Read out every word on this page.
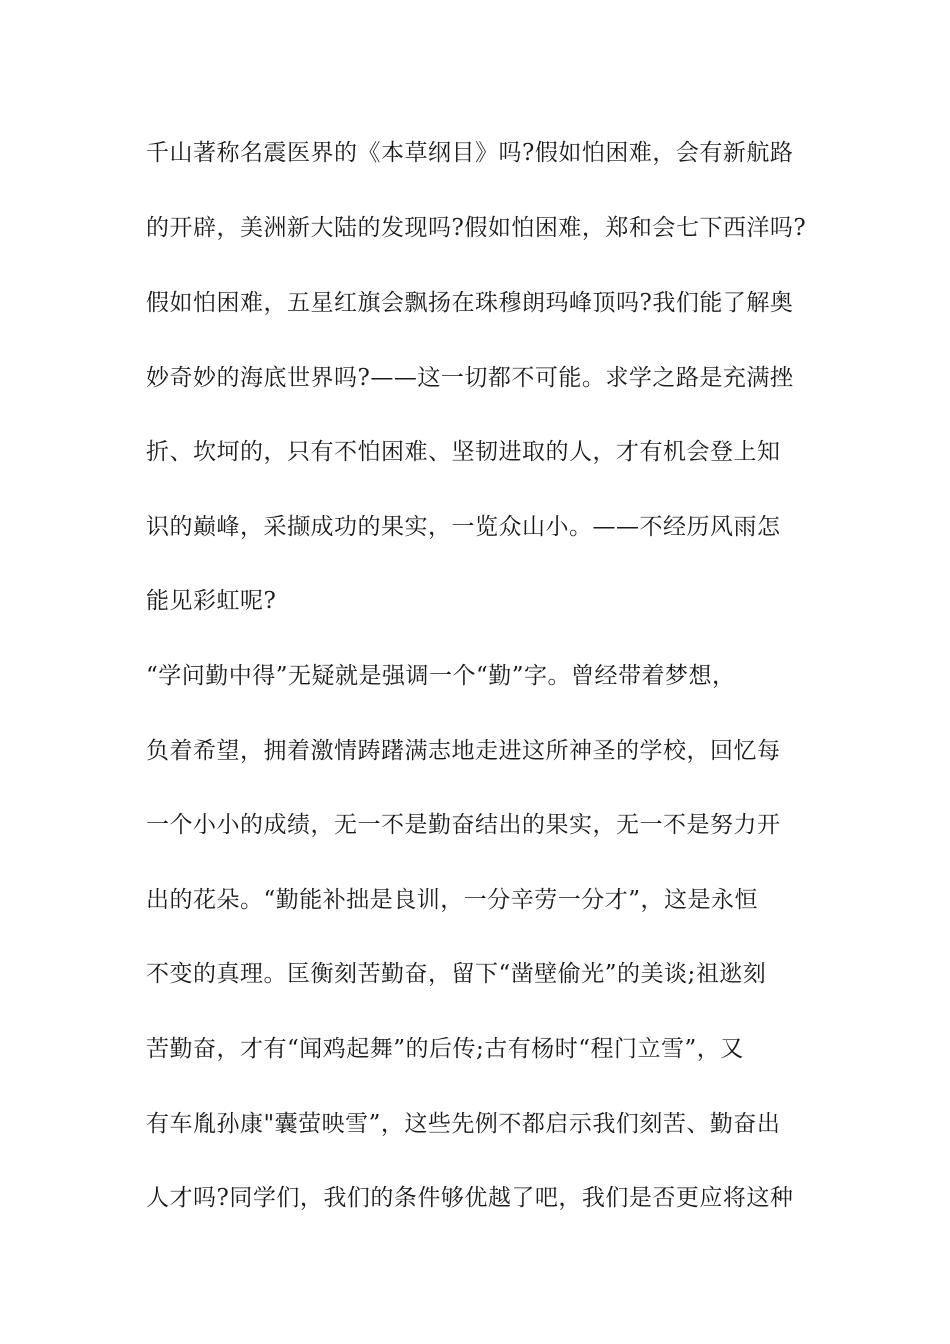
千山著称名震医界的《本草纲目》吗?假如怕困难，会有新航路
的开辟，美洲新大陆的发现吗?假如怕困难，郑和会七下西洋吗?
假如怕困难，五星红旗会飘扬在珠穆朗玛峰顶吗?我们能了解奥
妙奇妙的海底世界吗?——这一切都不可能。求学之路是充满挫
折、坎坷的，只有不怕困难、坚韧进取的人，才有机会登上知
识的巅峰，采撷成功的果实，一览众山小。——不经历风雨怎
能见彩虹呢?
“学问勤中得”无疑就是强调一个“勤”字。曾经带着梦想，
负着希望，拥着激情踌躇满志地走进这所神圣的学校，回忆每
一个小小的成绩，无一不是勤奋结出的果实，无一不是努力开
出的花朵。“勤能补拙是良训，一分辛劳一分才”，这是永恒
不变的真理。匡衡刻苦勤奋，留下“凿壁偷光”的美谈;祖逖刻
苦勤奋，才有“闻鸡起舞”的后传;古有杨时“程门立雪”，又
有车胤孙康"囊萤映雪”，这些先例不都启示我们刻苦、勤奋出
人才吗?同学们，我们的条件够优越了吧，我们是否更应将这种
